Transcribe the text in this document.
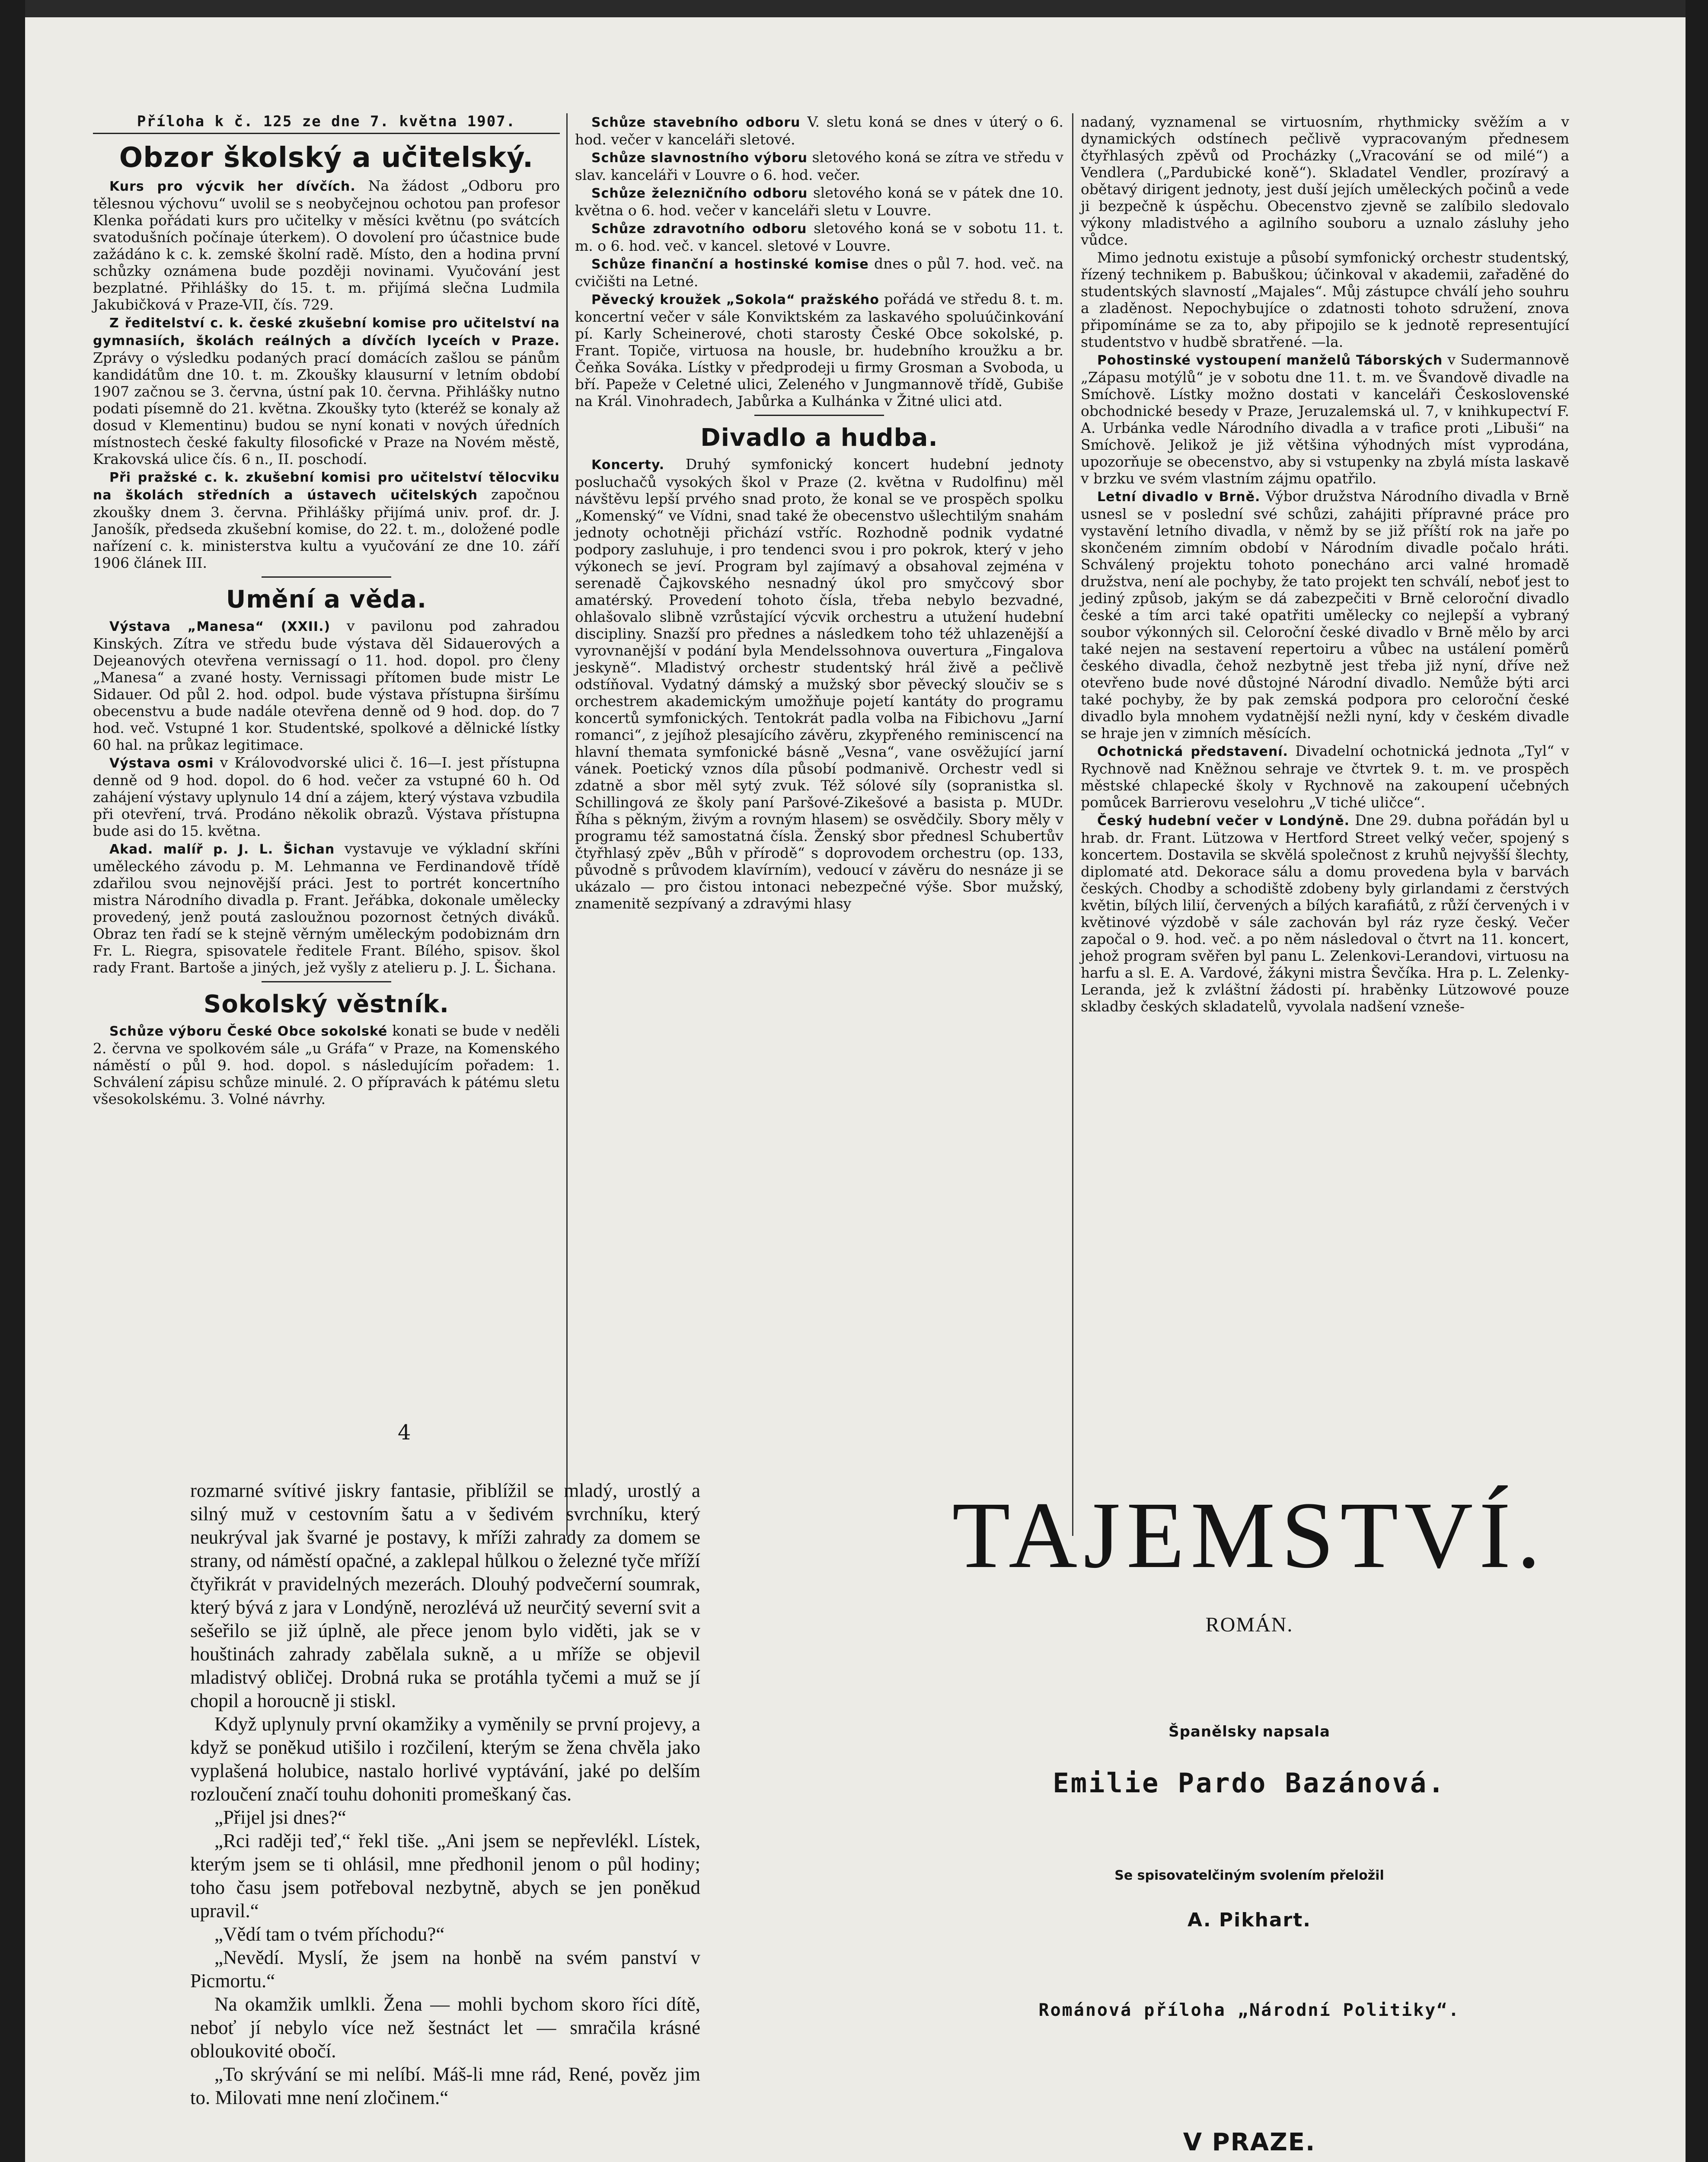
Příloha k č. 125 ze dne 7. května 1907.
Obzor školský a učitelský.

Kurs pro výcvik her dívčích. Na žádost „Odboru pro tělesnou výchovu“ uvolil se s neobyčejnou ochotou pan profesor Klenka pořádati kurs pro učitelky v měsíci květnu (po svátcích svatodušních počínaje úterkem). O dovolení pro účastnice bude zažádáno k c. k. zemské školní radě. Místo, den a hodina první schůzky oznámena bude později novinami. Vyučování jest bezplatné. Přihlášky do 15. t. m. přijímá slečna Ludmila Jakubičková v Praze-VII, čís. 729.

Z ředitelství c. k. české zkušební komise pro učitelství na gymnasiích, školách reálných a dívčích lyceích v Praze. Zprávy o výsledku podaných prací domácích zašlou se pánům kandidátům dne 10. t. m. Zkoušky klausurní v letním období 1907 začnou se 3. června, ústní pak 10. června. Přihlášky nutno podati písemně do 21. května. Zkoušky tyto (kteréž se konaly až dosud v Klementinu) budou se nyní konati v nových úředních místnostech české fakulty filosofické v Praze na Novém městě, Krakovská ulice čís. 6 n., II. poschodí.

Při pražské c. k. zkušební komisi pro učitelství tělocviku na školách středních a ústavech učitelských započnou zkoušky dnem 3. června. Přihlášky přijímá univ. prof. dr. J. Janošík, předseda zkušební komise, do 22. t. m., doložené podle nařízení c. k. ministerstva kultu a vyučování ze dne 10. září 1906 článek III.

Umění a věda.

Výstava „Manesa“ (XXII.) v pavilonu pod zahradou Kinských. Zítra ve středu bude výstava děl Sidauerových a Dejeanových otevřena vernissagí o 11. hod. dopol. pro členy „Manesa“ a zvané hosty. Vernissagi přítomen bude mistr Le Sidauer. Od půl 2. hod. odpol. bude výstava přístupna širšímu obecenstvu a bude nadále otevřena denně od 9 hod. dop. do 7 hod. več. Vstupné 1 kor. Studentské, spolkové a dělnické lístky 60 hal. na průkaz legitimace.

Výstava osmi v Královodvorské ulici č. 16—I. jest přístupna denně od 9 hod. dopol. do 6 hod. večer za vstupné 60 h. Od zahájení výstavy uplynulo 14 dní a zájem, který výstava vzbudila při otevření, trvá. Prodáno několik obrazů. Výstava přístupna bude asi do 15. května.

Akad. malíř p. J. L. Šichan vystavuje ve výkladní skříni uměleckého závodu p. M. Lehmanna ve Ferdinandově třídě zdařilou svou nejnovější práci. Jest to portrét koncertního mistra Národního divadla p. Frant. Jeřábka, dokonale umělecky provedený, jenž poutá zasloužnou pozornost četných diváků. Obraz ten řadí se k stejně věrným uměleckým podobiznám drn Fr. L. Riegra, spisovatele ředitele Frant. Bílého, spisov. škol rady Frant. Bartoše a jiných, jež vyšly z atelieru p. J. L. Šichana.

Sokolský věstník.

Schůze výboru České Obce sokolské konati se bude v neděli 2. června ve spolkovém sále „u Gráfa“ v Praze, na Komenského náměstí o půl 9. hod. dopol. s následujícím pořadem: 1. Schválení zápisu schůze minulé. 2. O přípravách k pátému sletu všesokolskému. 3. Volné návrhy.

Schůze stavebního odboru V. sletu koná se dnes v úterý o 6. hod. večer v kanceláři sletové.

Schůze slavnostního výboru sletového koná se zítra ve středu v slav. kanceláři v Louvre o 6. hod. večer.

Schůze železničního odboru sletového koná se v pátek dne 10. května o 6. hod. večer v kanceláři sletu v Louvre.

Schůze zdravotního odboru sletového koná se v sobotu 11. t. m. o 6. hod. več. v kancel. sletové v Louvre.

Schůze finanční a hostinské komise dnes o půl 7. hod. več. na cvičišti na Letné.

Pěvecký kroužek „Sokola“ pražského pořádá ve středu 8. t. m. koncertní večer v sále Konviktském za laskavého spoluúčinkování pí. Karly Scheinerové, choti starosty České Obce sokolské, p. Frant. Topiče, virtuosa na housle, br. hudebního kroužku a br. Čeňka Sováka. Lístky v předprodeji u firmy Grosman a Svoboda, u bří. Papeže v Celetné ulici, Zeleného v Jungmannově třídě, Gubiše na Král. Vinohradech, Jabůrka a Kulhánka v Žitné ulici atd.

Divadlo a hudba.

Koncerty. Druhý symfonický koncert hudební jednoty posluchačů vysokých škol v Praze (2. května v Rudolfinu) měl návštěvu lepší prvého snad proto, že konal se ve prospěch spolku „Komenský“ ve Vídni, snad také že obecenstvo ušlechtilým snahám jednoty ochotněji přichází vstříc. Rozhodně podnik vydatné podpory zasluhuje, i pro tendenci svou i pro pokrok, který v jeho výkonech se jeví. Program byl zajímavý a obsahoval zejména v serenadě Čajkovského nesnadný úkol pro smyčcový sbor amatérský. Provedení tohoto čísla, třeba nebylo bezvadné, ohlašovalo slibně vzrůstající výcvik orchestru a utužení hudební discipliny. Snazší pro přednes a následkem toho též uhlazenější a vyrovnanější v podání byla Mendelssohnova ouvertura „Fingalova jeskyně“. Mladistvý orchestr studentský hrál živě a pečlivě odstíňoval. Vydatný dámský a mužský sbor pěvecký sloučiv se s orchestrem akademickým umožňuje pojetí kantáty do programu koncertů symfonických. Tentokrát padla volba na Fibichovu „Jarní romanci“, z jejíhož plesajícího závěru, zkypřeného reminiscencí na hlavní themata symfonické básně „Vesna“, vane osvěžující jarní vánek. Poetický vznos díla působí podmanivě. Orchestr vedl si zdatně a sbor měl sytý zvuk. Též sólové síly (sopranistka sl. Schillingová ze školy paní Paršové-Zikešové a basista p. MUDr. Říha s pěkným, živým a rovným hlasem) se osvědčily. Sbory měly v programu též samostatná čísla. Ženský sbor přednesl Schubertův čtyřhlasý zpěv „Bůh v přírodě“ s doprovodem orchestru (op. 133, původně s průvodem klavírním), vedoucí v závěru do nesnáze ji se ukázalo — pro čistou intonaci nebezpečné výše. Sbor mužský, znamenitě sezpívaný a zdravými hlasy

nadaný, vyznamenal se virtuosním, rhythmicky svěžím a v dynamických odstínech pečlivě vypracovaným přednesem čtyřhlasých zpěvů od Procházky („Vracování se od milé“) a Vendlera („Pardubické koně“). Skladatel Vendler, prozíravý a obětavý dirigent jednoty, jest duší jejích uměleckých počinů a vede ji bezpečně k úspěchu. Obecenstvo zjevně se zalíbilo sledovalo výkony mladistvého a agilního souboru a uznalo zásluhy jeho vůdce.

Mimo jednotu existuje a působí symfonický orchestr studentský, řízený technikem p. Babuškou; účinkoval v akademii, zařaděné do studentských slavností „Majales“. Můj zástupce chválí jeho souhru a zladěnost. Nepochybujíce o zdatnosti tohoto sdružení, znova připomínáme se za to, aby připojilo se k jednotě representující studentstvo v hudbě sbratřené. —la.

Pohostinské vystoupení manželů Táborských v Sudermannově „Zápasu motýlů“ je v sobotu dne 11. t. m. ve Švandově divadle na Smíchově. Lístky možno dostati v kanceláři Československé obchodnické besedy v Praze, Jeruzalemská ul. 7, v knihkupectví F. A. Urbánka vedle Národního divadla a v trafice proti „Libuši“ na Smíchově. Jelikož je již většina výhodných míst vyprodána, upozorňuje se obecenstvo, aby si vstupenky na zbylá místa laskavě v brzku ve svém vlastním zájmu opatřilo.

Letní divadlo v Brně. Výbor družstva Národního divadla v Brně usnesl se v poslední své schůzi, zahájiti přípravné práce pro vystavění letního divadla, v němž by se již příští rok na jaře po skončeném zimním období v Národním divadle počalo hráti. Schválený projektu tohoto ponecháno arci valné hromadě družstva, není ale pochyby, že tato projekt ten schválí, neboť jest to jediný způsob, jakým se dá zabezpečiti v Brně celoroční divadlo české a tím arci také opatřiti umělecky co nejlepší a vybraný soubor výkonných sil. Celoroční české divadlo v Brně mělo by arci také nejen na sestavení repertoiru a vůbec na ustálení poměrů českého divadla, čehož nezbytně jest třeba již nyní, dříve než otevřeno bude nové důstojné Národní divadlo. Nemůže býti arci také pochyby, že by pak zemská podpora pro celoroční české divadlo byla mnohem vydatnější nežli nyní, kdy v českém divadle se hraje jen v zimních měsících.

Ochotnická představení. Divadelní ochotnická jednota „Tyl“ v Rychnově nad Kněžnou sehraje ve čtvrtek 9. t. m. ve prospěch městské chlapecké školy v Rychnově na zakoupení učebných pomůcek Barrierovu veselohru „V tiché uličce“.

Český hudební večer v Londýně. Dne 29. dubna pořádán byl u hrab. dr. Frant. Lützowa v Hertford Street velký večer, spojený s koncertem. Dostavila se skvělá společnost z kruhů nejvyšší šlechty, diplomaté atd. Dekorace sálu a domu provedena byla v barvách českých. Chodby a schodiště zdobeny byly girlandami z čerstvých květin, bílých lilií, červených a bílých karafiátů, z růží červených i v květinové výzdobě v sále zachován byl ráz ryze český. Večer započal o 9. hod. več. a po něm následoval o čtvrt na 11. koncert, jehož program svěřen byl panu L. Zelenkovi-Lerandovi, virtuosu na harfu a sl. E. A. Vardové, žákyni mistra Ševčíka. Hra p. L. Zelenky-Leranda, jež k zvláštní žádosti pí. hraběnky Lützowové pouze skladby českých skladatelů, vyvolala nadšení vzneše-

4

rozmarné svítivé jiskry fantasie, přiblížil se mladý, urostlý a silný muž v cestovním šatu a v šedivém svrchníku, který neukrýval jak švarné je postavy, k mříži zahrady za domem se strany, od náměstí opačné, a zaklepal hůlkou o železné tyče mříží čtyřikrát v pravidelných mezerách. Dlouhý podvečerní soumrak, který bývá z jara v Londýně, nerozlévá už neurčitý severní svit a sešeřilo se již úplně, ale přece jenom bylo viděti, jak se v houštinách zahrady zabělala sukně, a u mříže se objevil mladistvý obličej. Drobná ruka se protáhla tyčemi a muž se jí chopil a horoucně ji stiskl.

Když uplynuly první okamžiky a vyměnily se první projevy, a když se poněkud utišilo i rozčilení, kterým se žena chvěla jako vyplašená holubice, nastalo horlivé vyptávání, jaké po delším rozloučení značí touhu dohoniti promeškaný čas.

„Přijel jsi dnes?“

„Rci raději teď,“ řekl tiše. „Ani jsem se nepřevlékl. Lístek, kterým jsem se ti ohlásil, mne předhonil jenom o půl hodiny; toho času jsem potřeboval nezbytně, abych se jen poněkud upravil.“

„Vědí tam o tvém příchodu?“

„Nevědí. Myslí, že jsem na honbě na svém panství v Picmortu.“

Na okamžik umlkli. Žena — mohli bychom skoro říci dítě, neboť jí nebylo více než šestnáct let — smračila krásné obloukovité obočí.

„To skrývání se mi nelíbí. Máš-li mne rád, René, pověz jim to. Milovati mne není zločinem.“

TAJEMSTVÍ.
ROMÁN.
Španělsky napsala
Emilie Pardo Bazánová.
Se spisovatelčiným svolením přeložil
A. Pikhart.
Románová příloha „Národní Politiky“.
V PRAZE.
